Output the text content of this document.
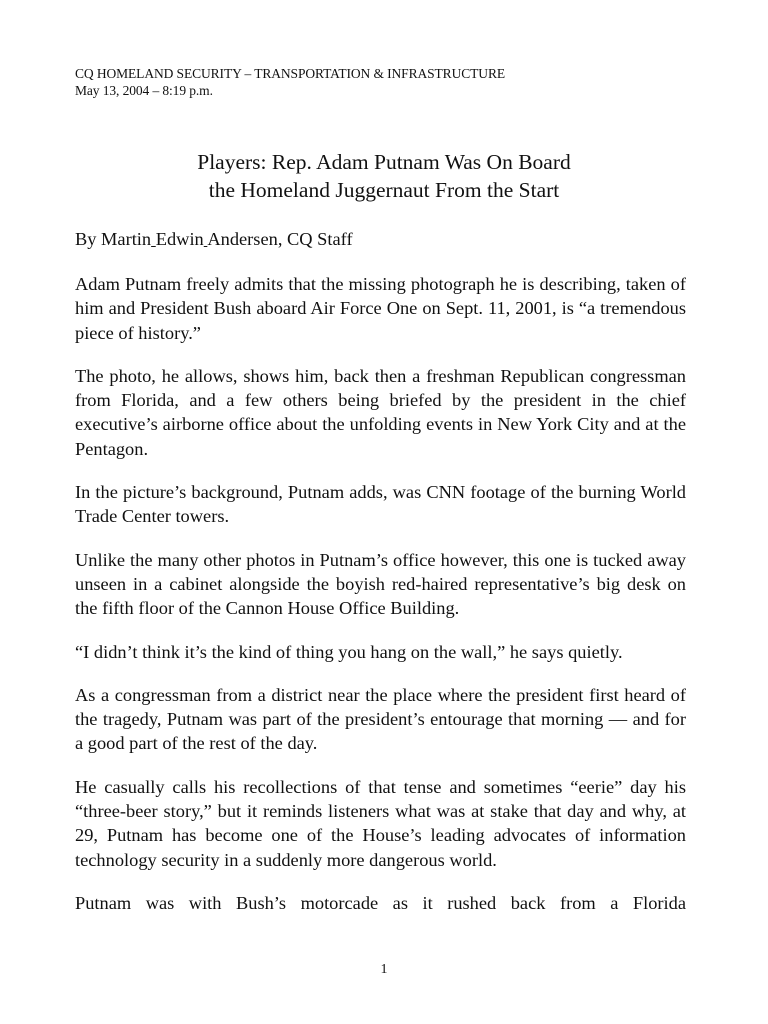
CQ HOMELAND SECURITY – TRANSPORTATION & INFRASTRUCTURE
May 13, 2004 – 8:19 p.m.
Players: Rep. Adam Putnam Was On Board
the Homeland Juggernaut From the Start
By Martin Edwin Andersen, CQ Staff

Adam Putnam freely admits that the missing photograph he is describing, taken of him and President Bush aboard Air Force One on Sept. 11, 2001, is “a tremendous piece of history.”

The photo, he allows, shows him, back then a freshman Republican congressman from Florida, and a few others being briefed by the president in the chief executive’s airborne office about the unfolding events in New York City and at the Pentagon.

In the picture’s background, Putnam adds, was CNN footage of the burning World Trade Center towers.

Unlike the many other photos in Putnam’s office however, this one is tucked away unseen in a cabinet alongside the boyish red-haired representative’s big desk on the fifth floor of the Cannon House Office Building.

“I didn’t think it’s the kind of thing you hang on the wall,” he says quietly.

As a congressman from a district near the place where the president first heard of the tragedy, Putnam was part of the president’s entourage that morning — and for a good part of the rest of the day.

He casually calls his recollections of that tense and sometimes “eerie” day his “three-beer story,” but it reminds listeners what was at stake that day and why, at 29, Putnam has become one of the House’s leading advocates of information technology security in a suddenly more dangerous world.

Putnam was with Bush’s motorcade as it rushed back from a Florida

1
